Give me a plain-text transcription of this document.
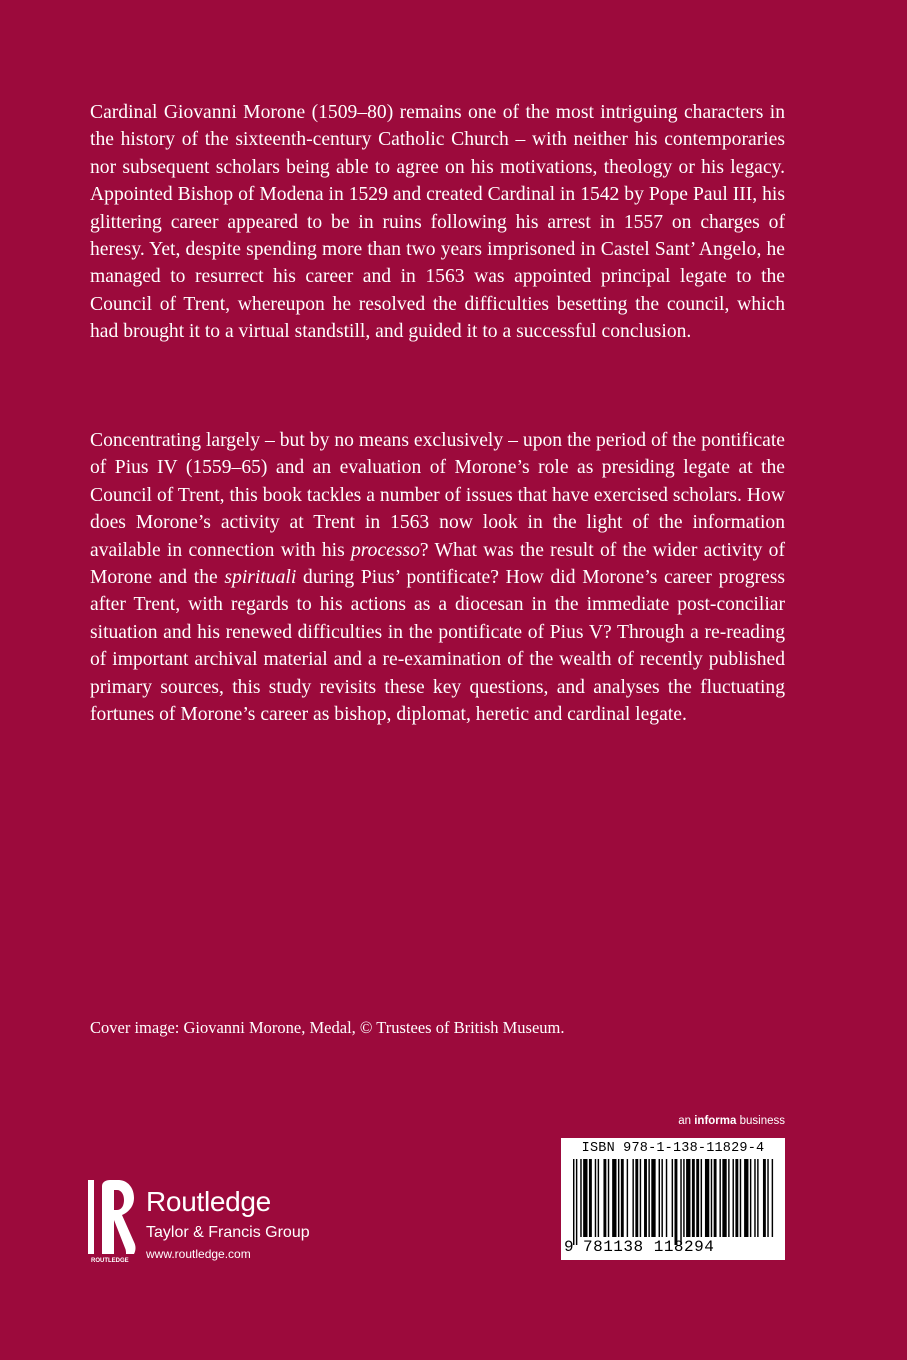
Cardinal Giovanni Morone (1509–80) remains one of the most intriguing characters in the history of the sixteenth-century Catholic Church – with neither his contemporaries nor subsequent scholars being able to agree on his motivations, theology or his legacy. Appointed Bishop of Modena in 1529 and created Cardinal in 1542 by Pope Paul III, his glittering career appeared to be in ruins following his arrest in 1557 on charges of heresy. Yet, despite spending more than two years imprisoned in Castel Sant’ Angelo, he managed to resurrect his career and in 1563 was appointed principal legate to the Council of Trent, whereupon he resolved the difficulties besetting the council, which had brought it to a virtual standstill, and guided it to a successful conclusion.

Concentrating largely – but by no means exclusively – upon the period of the pontificate of Pius IV (1559–65) and an evaluation of Morone’s role as presiding legate at the Council of Trent, this book tackles a number of issues that have exercised scholars. How does Morone’s activity at Trent in 1563 now look in the light of the information available in connection with his processo? What was the result of the wider activity of Morone and the spirituali during Pius’ pontificate? How did Morone’s career progress after Trent, with regards to his actions as a diocesan in the immediate post-conciliar situation and his renewed difficulties in the pontificate of Pius V? Through a re-reading of important archival material and a re-examination of the wealth of recently published primary sources, this study revisits these key questions, and analyses the fluctuating fortunes of Morone’s career as bishop, diplomat, heretic and cardinal legate.

Cover image: Giovanni Morone, Medal, © Trustees of British Museum.

an informa business
ISBN 978-1-138-11829-4
9 781138 118294
ROUTLEDGE
Routledge
Taylor & Francis Group
www.routledge.com
